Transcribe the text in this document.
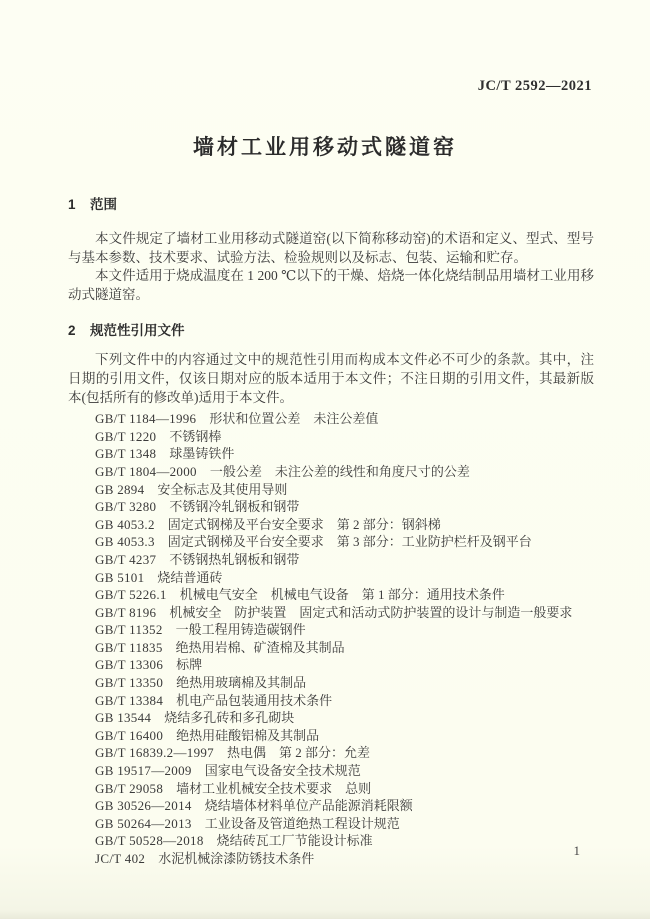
JC/T 2592—2021
墙材工业用移动式隧道窑
1 范围

本文件规定了墙材工业用移动式隧道窑(以下简称移动窑)的术语和定义、型式、型号与基本参数、技术要求、试验方法、检验规则以及标志、包装、运输和贮存。

本文件适用于烧成温度在 1 200 ℃以下的干燥、焙烧一体化烧结制品用墙材工业用移动式隧道窑。

2 规范性引用文件

下列文件中的内容通过文中的规范性引用而构成本文件必不可少的条款。其中，注日期的引用文件，仅该日期对应的版本适用于本文件；不注日期的引用文件，其最新版本(包括所有的修改单)适用于本文件。

GB/T 1184—1996 形状和位置公差　未注公差值
GB/T 1220 不锈钢棒
GB/T 1348 球墨铸铁件
GB/T 1804—2000 一般公差　未注公差的线性和角度尺寸的公差
GB 2894 安全标志及其使用导则
GB/T 3280 不锈钢冷轧钢板和钢带
GB 4053.2 固定式钢梯及平台安全要求　第 2 部分：钢斜梯
GB 4053.3 固定式钢梯及平台安全要求　第 3 部分：工业防护栏杆及钢平台
GB/T 4237 不锈钢热轧钢板和钢带
GB 5101 烧结普通砖
GB/T 5226.1 机械电气安全　机械电气设备　第 1 部分：通用技术条件
GB/T 8196 机械安全　防护装置　固定式和活动式防护装置的设计与制造一般要求
GB/T 11352 一般工程用铸造碳钢件
GB/T 11835 绝热用岩棉、矿渣棉及其制品
GB/T 13306 标牌
GB/T 13350 绝热用玻璃棉及其制品
GB/T 13384 机电产品包装通用技术条件
GB 13544 烧结多孔砖和多孔砌块
GB/T 16400 绝热用硅酸铝棉及其制品
GB/T 16839.2—1997 热电偶　第 2 部分：允差
GB 19517—2009 国家电气设备安全技术规范
GB/T 29058 墙材工业机械安全技术要求　总则
GB 30526—2014 烧结墙体材料单位产品能源消耗限额
GB 50264—2013 工业设备及管道绝热工程设计规范
GB/T 50528—2018 烧结砖瓦工厂节能设计标准
JC/T 402 水泥机械涂漆防锈技术条件
1
